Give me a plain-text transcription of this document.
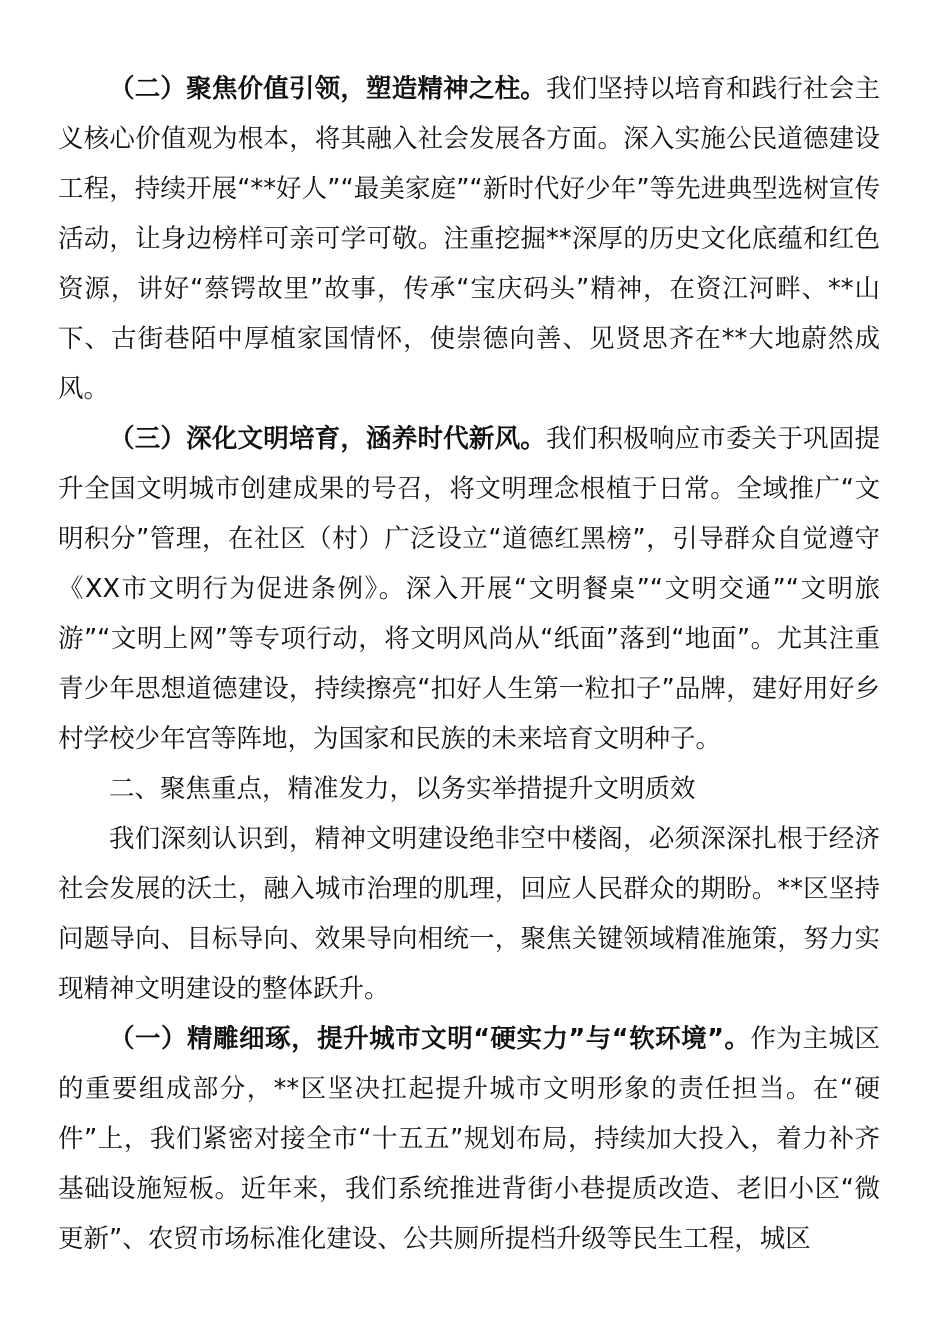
（二）聚焦价值引领，塑造精神之柱。我们坚持以培育和践行社会主义核心价值观为根本，将其融入社会发展各方面。深入实施公民道德建设工程，持续开展“**好人”“最美家庭”“新时代好少年”等先进典型选树宣传活动，让身边榜样可亲可学可敬。注重挖掘**深厚的历史文化底蕴和红色资源，讲好“蔡锷故里”故事，传承“宝庆码头”精神，在资江河畔、**山下、古街巷陌中厚植家国情怀，使崇德向善、见贤思齐在**大地蔚然成风。

（三）深化文明培育，涵养时代新风。我们积极响应市委关于巩固提升全国文明城市创建成果的号召，将文明理念根植于日常。全域推广“文明积分”管理，在社区（村）广泛设立“道德红黑榜”，引导群众自觉遵守《XX市文明行为促进条例》。深入开展“文明餐桌”“文明交通”“文明旅游”“文明上网”等专项行动，将文明风尚从“纸面”落到“地面”。尤其注重青少年思想道德建设，持续擦亮“扣好人生第一粒扣子”品牌，建好用好乡村学校少年宫等阵地，为国家和民族的未来培育文明种子。

二、聚焦重点，精准发力，以务实举措提升文明质效

我们深刻认识到，精神文明建设绝非空中楼阁，必须深深扎根于经济社会发展的沃土，融入城市治理的肌理，回应人民群众的期盼。**区坚持问题导向、目标导向、效果导向相统一，聚焦关键领域精准施策，努力实现精神文明建设的整体跃升。

（一）精雕细琢，提升城市文明“硬实力”与“软环境”。作为主城区的重要组成部分，**区坚决扛起提升城市文明形象的责任担当。在“硬件”上，我们紧密对接全市“十五五”规划布局，持续加大投入，着力补齐基础设施短板。近年来，我们系统推进背街小巷提质改造、老旧小区“微更新”、农贸市场标准化建设、公共厕所提档升级等民生工程，城区
